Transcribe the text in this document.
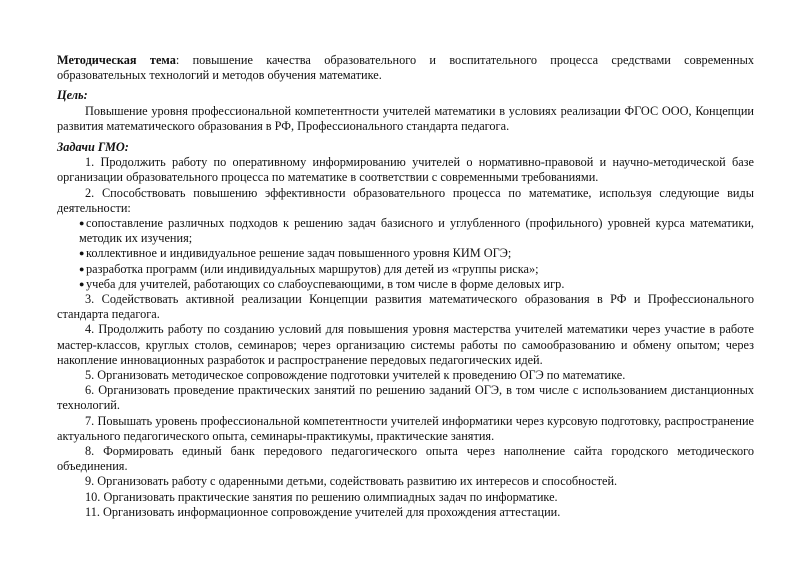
Методическая тема: повышение качества образовательного и воспитательного процесса средствами современных образовательных технологий и методов обучения математике.

Цель:

Повышение уровня профессиональной компетентности учителей математики в условиях реализации ФГОС ООО, Концепции развития математического образования в РФ, Профессионального стандарта педагога.

Задачи ГМО:

1. Продолжить работу по оперативному информированию учителей о нормативно-правовой и научно-методической базе организации образовательного процесса по математике в соответствии с современными требованиями.

2. Способствовать повышению эффективности образовательного процесса по математике, используя следующие виды деятельности:

● сопоставление различных подходов к решению задач базисного и углубленного (профильного) уровней курса математики, методик их изучения;

● коллективное и индивидуальное решение задач повышенного уровня КИМ ОГЭ;

● разработка программ (или индивидуальных маршрутов) для детей из «группы риска»;

● учеба для учителей, работающих со слабоуспевающими, в том числе в форме деловых игр.

3. Содействовать активной реализации Концепции развития математического образования в РФ и Профессионального стандарта педагога.

4. Продолжить работу по созданию условий для повышения уровня мастерства учителей математики через участие в работе мастер-классов, круглых столов, семинаров; через организацию системы работы по самообразованию и обмену опытом; через накопление инновационных разработок и распространение передовых педагогических идей.

5. Организовать методическое сопровождение подготовки учителей к проведению ОГЭ по математике.

6. Организовать проведение практических занятий по решению заданий ОГЭ, в том числе с использованием дистанционных технологий.

7. Повышать уровень профессиональной компетентности учителей информатики через курсовую подготовку, распространение актуального педагогического опыта, семинары-практикумы, практические занятия.

8. Формировать единый банк передового педагогического опыта через наполнение сайта городского методического объединения.

9. Организовать работу с одаренными детьми, содействовать развитию их интересов и способностей.

10. Организовать практические занятия по решению олимпиадных задач по информатике.

11. Организовать информационное сопровождение учителей для прохождения аттестации.
